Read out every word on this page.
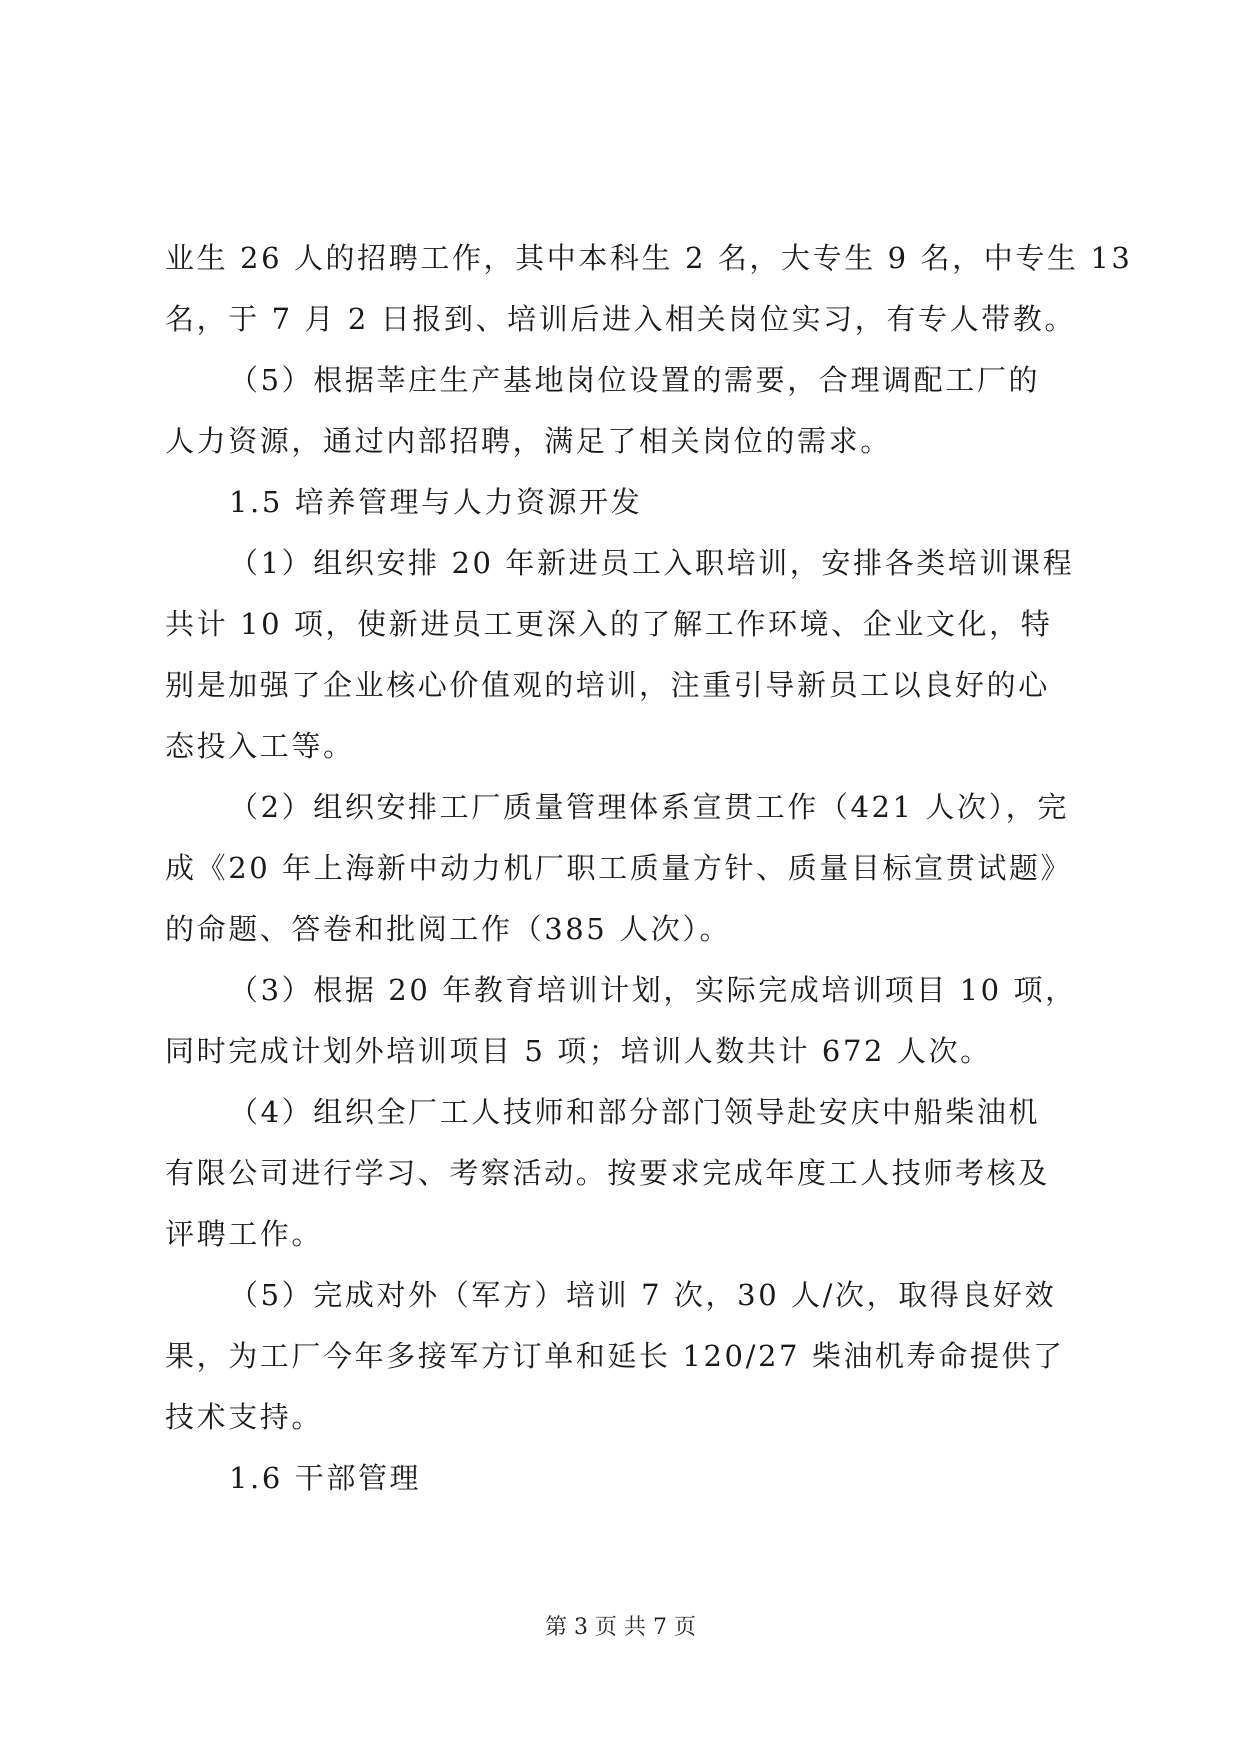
业生 26 人的招聘工作，其中本科生 2 名，大专生 9 名，中专生 13
名，于 7 月 2 日报到、培训后进入相关岗位实习，有专人带教。
（5）根据莘庄生产基地岗位设置的需要，合理调配工厂的
人力资源，通过内部招聘，满足了相关岗位的需求。
1.5 培养管理与人力资源开发
（1）组织安排 20 年新进员工入职培训，安排各类培训课程
共计 10 项，使新进员工更深入的了解工作环境、企业文化，特
别是加强了企业核心价值观的培训，注重引导新员工以良好的心
态投入工等。
（2）组织安排工厂质量管理体系宣贯工作（421 人次），完
成《20 年上海新中动力机厂职工质量方针、质量目标宣贯试题》
的命题、答卷和批阅工作（385 人次）。
（3）根据 20 年教育培训计划，实际完成培训项目 10 项，
同时完成计划外培训项目 5 项；培训人数共计 672 人次。
（4）组织全厂工人技师和部分部门领导赴安庆中船柴油机
有限公司进行学习、考察活动。按要求完成年度工人技师考核及
评聘工作。
（5）完成对外（军方）培训 7 次，30 人/次，取得良好效
果，为工厂今年多接军方订单和延长 120/27 柴油机寿命提供了
技术支持。
1.6 干部管理
第 3 页 共 7 页
